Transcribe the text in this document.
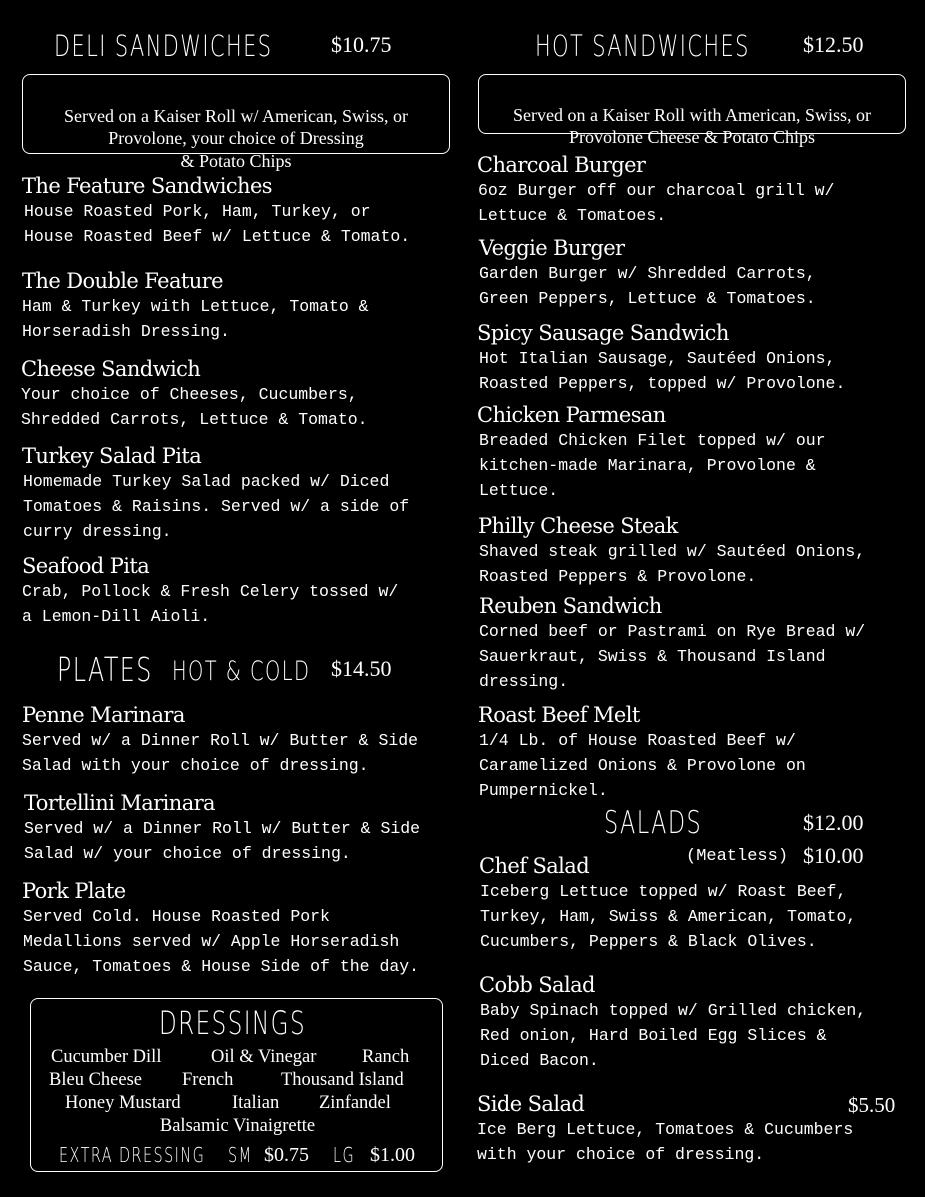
DELI SANDWICHES	$10.75

Served on a Kaiser Roll w/ American, Swiss, or
Provolone, your choice of Dressing
& Potato Chips

The Feature Sandwiches
House Roasted Pork, Ham, Turkey, or
House Roasted Beef w/ Lettuce & Tomato.
The Double Feature
Ham & Turkey with Lettuce, Tomato &
Horseradish Dressing.
Cheese Sandwich
Your choice of Cheeses, Cucumbers,
Shredded Carrots, Lettuce & Tomato.
Turkey Salad Pita
Homemade Turkey Salad packed w/ Diced
Tomatoes & Raisins. Served w/ a side of
curry dressing.
Seafood Pita
Crab, Pollock & Fresh Celery tossed w/
a Lemon-Dill Aioli.
PLATES HOT & COLD $14.50
Penne Marinara
Served w/ a Dinner Roll w/ Butter & Side
Salad with your choice of dressing.
Tortellini Marinara
Served w/ a Dinner Roll w/ Butter & Side
Salad w/ your choice of dressing.
Pork Plate
Served Cold. House Roasted Pork
Medallions served w/ Apple Horseradish
Sauce, Tomatoes & House Side of the day.
DRESSINGS
Cucumber Dill	Oil & Vinegar Ranch
Bleu Cheese French	Thousand Island
Honey Mustard	Italian Zinfandel
Balsamic Vinaigrette
EXTRA DRESSING SM $0.75 LG $1.00
HOT SANDWICHES $12.50

Served on a Kaiser Roll with American, Swiss, or
Provolone Cheese & Potato Chips

Charcoal Burger
6oz Burger off our charcoal grill w/
Lettuce & Tomatoes.
Veggie Burger
Garden Burger w/ Shredded Carrots,
Green Peppers, Lettuce & Tomatoes.
Spicy Sausage Sandwich
Hot Italian Sausage, Sautéed Onions,
Roasted Peppers, topped w/ Provolone.
Chicken Parmesan
Breaded Chicken Filet topped w/ our
kitchen-made Marinara, Provolone &
Lettuce.
Philly Cheese Steak
Shaved steak grilled w/ Sautéed Onions,
Roasted Peppers & Provolone.
Reuben Sandwich
Corned beef or Pastrami on Rye Bread w/
Sauerkraut, Swiss & Thousand Island
dressing.
Roast Beef Melt
1/4 Lb. of House Roasted Beef w/
Caramelized Onions & Provolone on
Pumpernickel.
SALADS	$12.00
(Meatless) $10.00
Chef Salad
Iceberg Lettuce topped w/ Roast Beef,
Turkey, Ham, Swiss & American, Tomato,
Cucumbers, Peppers & Black Olives.
Cobb Salad
Baby Spinach topped w/ Grilled chicken,
Red onion, Hard Boiled Egg Slices &
Diced Bacon.
Side Salad
Ice Berg Lettuce, Tomatoes & Cucumbers
with your choice of dressing.
$5.50
